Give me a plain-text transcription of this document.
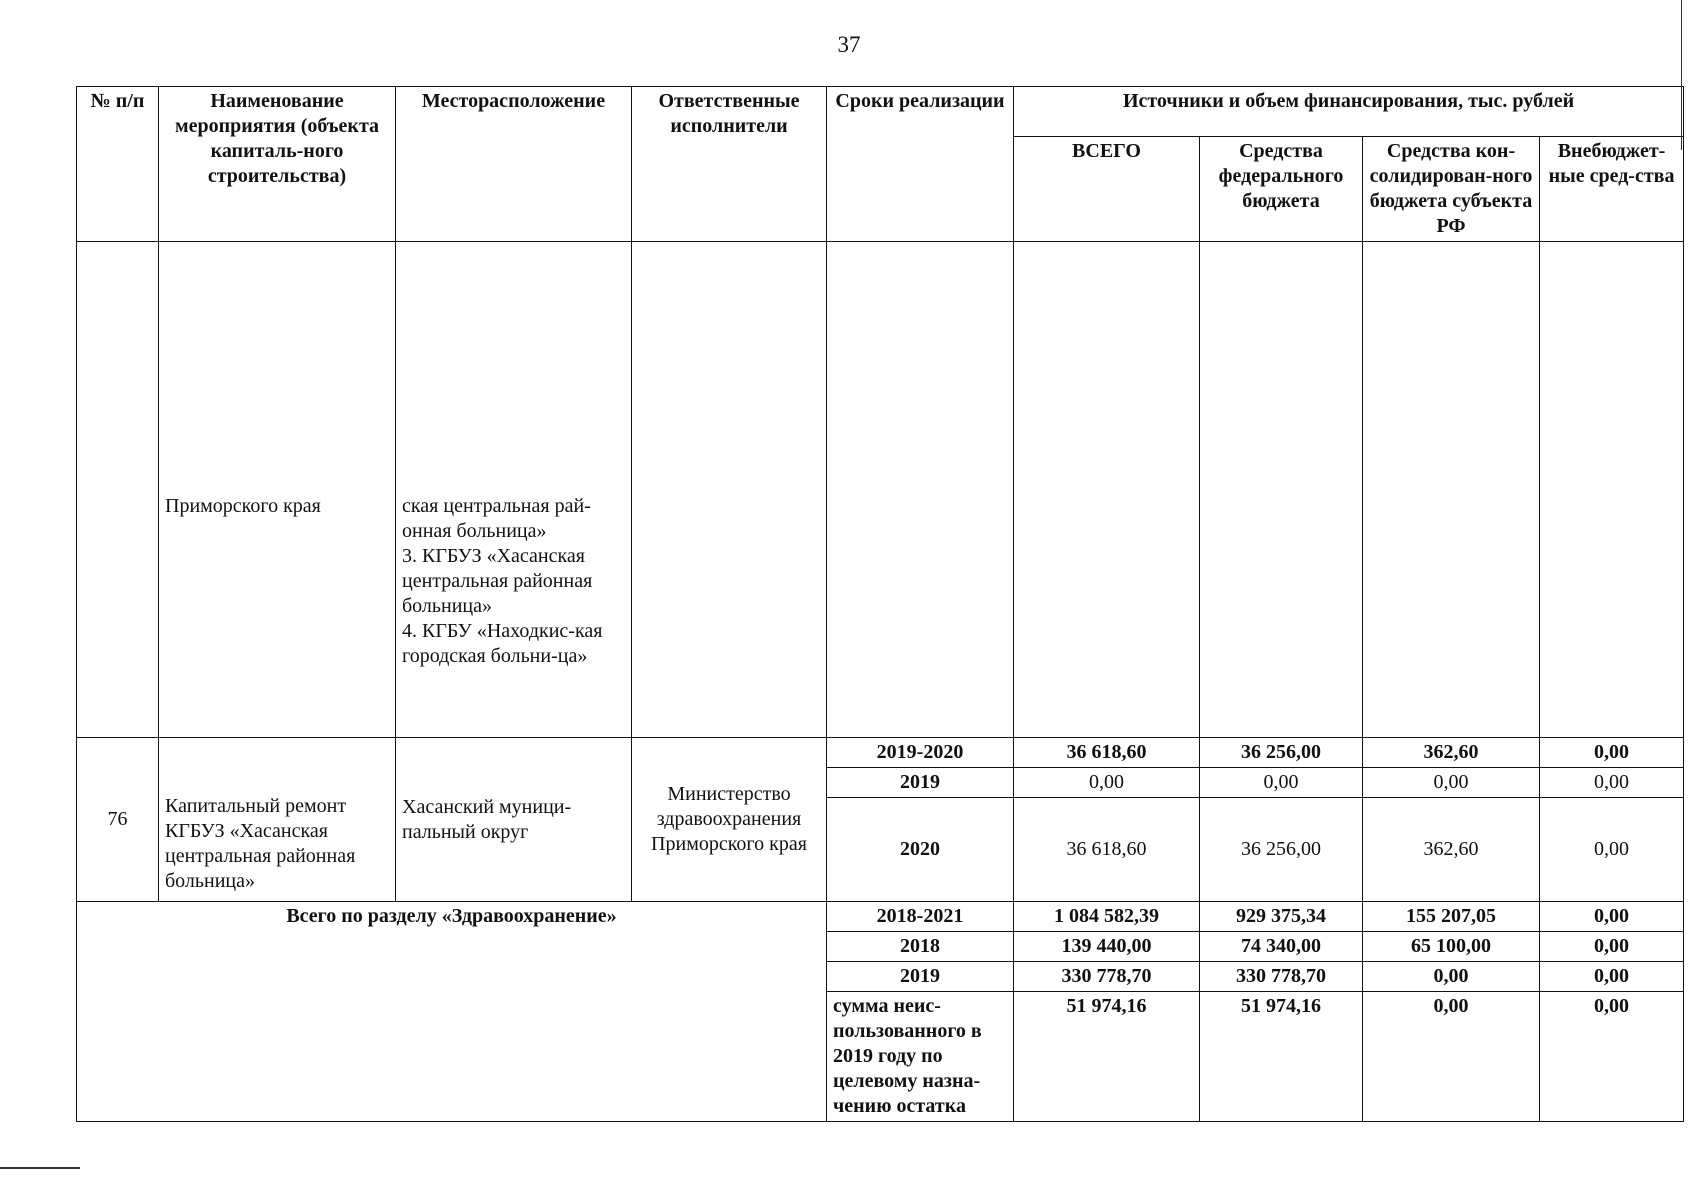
37
№ п/п	Наименование мероприятия (объекта капиталь-ного строительства)	Месторасположение	Ответственные исполнители	Сроки реализации	Источники и объем финансирования, тыс. рублей			
					ВСЕГО	Средства федерального бюджета	Средства кон-солидирован-ного бюджета субъекта РФ	Внебюджет-ные сред-ства
	Приморского края	ская центральная рай-онная больница»
3. КГБУЗ «Хасанская центральная районная больница»
4. КГБУ «Находкис-кая городская больни-ца»						
76	Капитальный ремонт КГБУЗ «Хасанская центральная районная больница»	Хасанский муници-пальный округ	Министерство здравоохранения Приморского края	2019-2020	36 618,60	36 256,00	362,60	0,00
				2019	0,00	0,00	0,00	0,00
				2020	36 618,60	36 256,00	362,60	0,00
Всего по разделу «Здравоохранение»				2018-2021	1 084 582,39	929 375,34	155 207,05	0,00
				2018	139 440,00	74 340,00	65 100,00	0,00
				2019	330 778,70	330 778,70	0,00	0,00
				сумма неис-пользованного в 2019 году по целевому назна-чению остатка	51 974,16	51 974,16	0,00	0,00
